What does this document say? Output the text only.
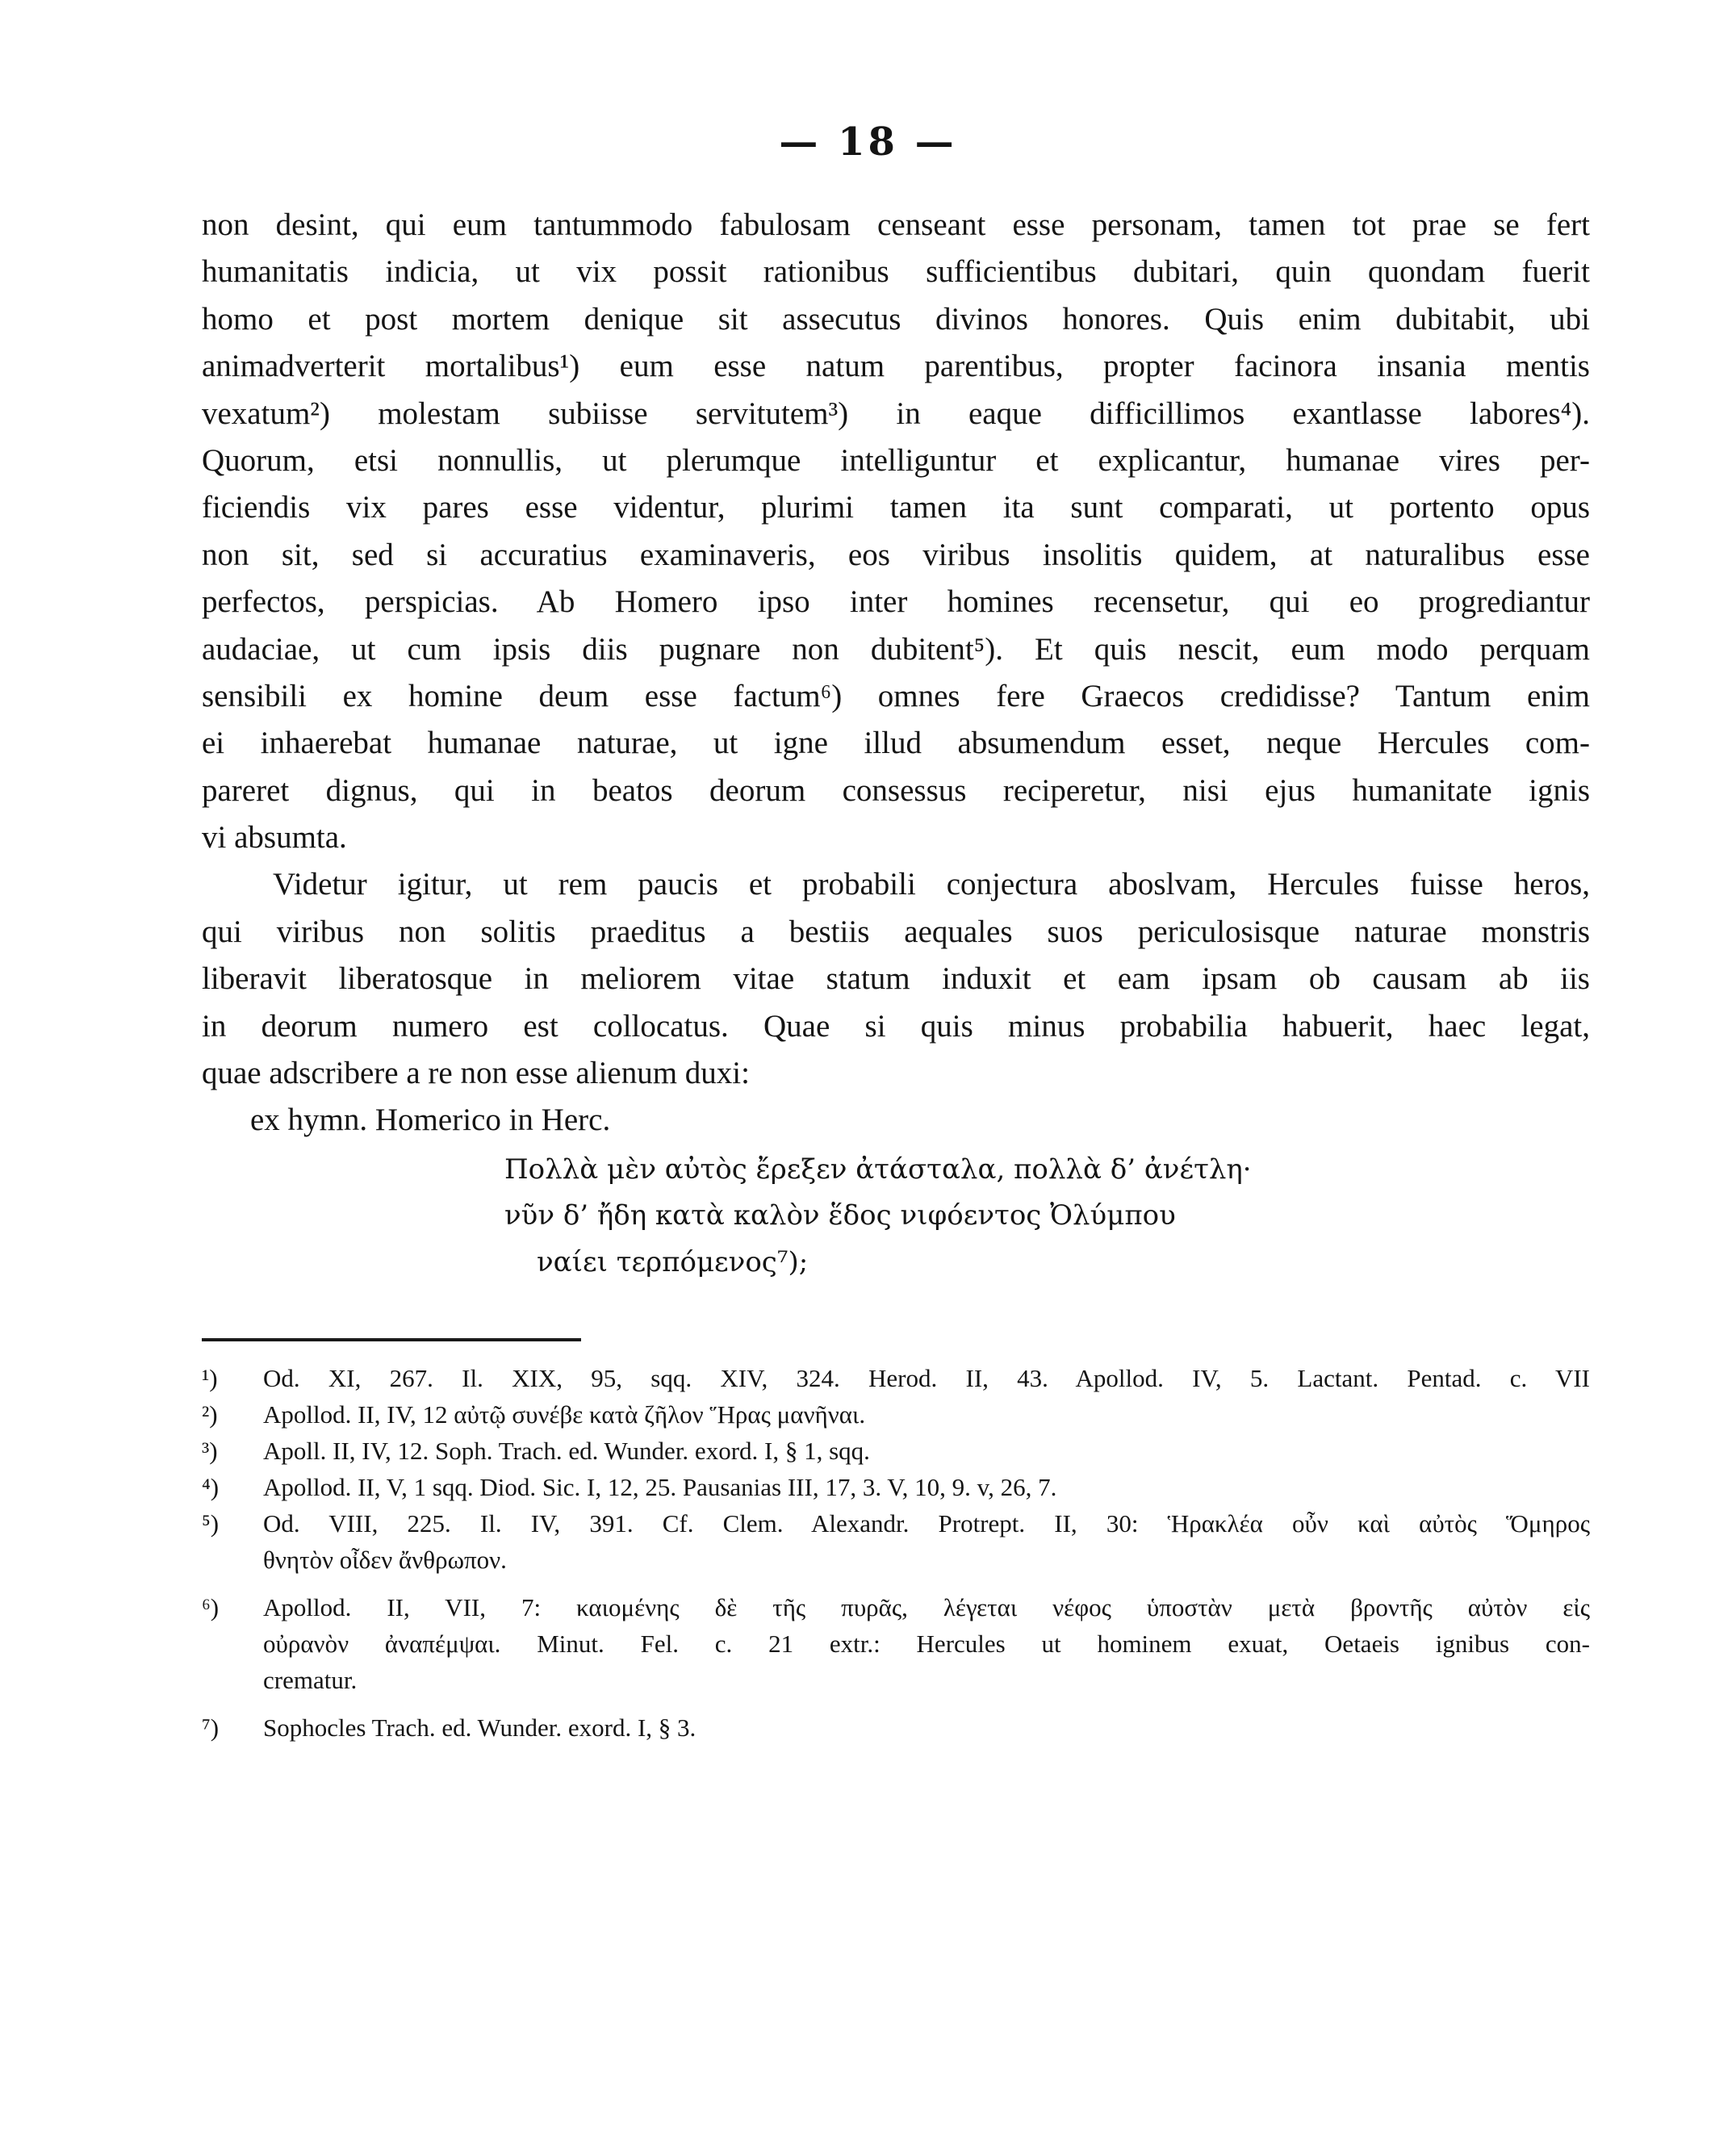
— 18 —
non desint, qui eum tantummodo fabulosam censeant esse personam, tamen tot prae se fert
humanitatis indicia, ut vix possit rationibus sufficientibus dubitari, quin quondam fuerit
homo et post mortem denique sit assecutus divinos honores. Quis enim dubitabit, ubi
animadverterit mortalibus¹) eum esse natum parentibus, propter facinora insania mentis
vexatum²) molestam subiisse servitutem³) in eaque difficillimos exantlasse labores⁴).
Quorum, etsi nonnullis, ut plerumque intelliguntur et explicantur, humanae vires per-
ficiendis vix pares esse videntur, plurimi tamen ita sunt comparati, ut portento opus
non sit, sed si accuratius examinaveris, eos viribus insolitis quidem, at naturalibus esse
perfectos, perspicias. Ab Homero ipso inter homines recensetur, qui eo progrediantur
audaciae, ut cum ipsis diis pugnare non dubitent⁵). Et quis nescit, eum modo perquam
sensibili ex homine deum esse factum⁶) omnes fere Graecos credidisse? Tantum enim
ei inhaerebat humanae naturae, ut igne illud absumendum esset, neque Hercules com-
pareret dignus, qui in beatos deorum consessus reciperetur, nisi ejus humanitate ignis
vi absumta.
Videtur igitur, ut rem paucis et probabili conjectura aboslvam, Hercules fuisse heros,
qui viribus non solitis praeditus a bestiis aequales suos periculosisque naturae monstris
liberavit liberatosque in meliorem vitae statum induxit et eam ipsam ob causam ab iis
in deorum numero est collocatus. Quae si quis minus probabilia habuerit, haec legat,
quae adscribere a re non esse alienum duxi:
ex hymn. Homerico in Herc.
Πολλὰ μὲν αὐτὸς ἔρεξεν ἀτάσταλα, πολλὰ δ’ ἀνέτλη·
νῦν δ’ ἤδη κατὰ καλὸν ἕδος νιφόεντος Ὀλύμπου
ναίει τερπόμενος⁷);
¹)	Od. XI, 267. Il. XIX, 95, sqq. XIV, 324. Herod. II, 43. Apollod. IV, 5. Lactant. Pentad. c. VII
²)	Apollod. II, IV, 12 αὐτῷ συνέβε κατὰ ζῆλον Ἥρας μανῆναι.
³)	Apoll. II, IV, 12. Soph. Trach. ed. Wunder. exord. I, § 1, sqq.
⁴)	Apollod. II, V, 1 sqq. Diod. Sic. I, 12, 25. Pausanias III, 17, 3. V, 10, 9. v, 26, 7.
⁵)	Od. VIII, 225. Il. IV, 391. Cf. Clem. Alexandr. Protrept. II, 30: Ἡρακλέα οὖν καὶ αὐτὸς Ὅμηρος
θνητὸν οἶδεν ἄνθρωπον.
⁶)	Apollod. II, VII, 7: καιομένης δὲ τῆς πυρᾶς, λέγεται νέφος ὑποστὰν μετὰ βροντῆς αὐτὸν εἰς
οὐρανὸν ἀναπέμψαι. Minut. Fel. c. 21 extr.: Hercules ut hominem exuat, Oetaeis ignibus con-
crematur.
⁷)	Sophocles Trach. ed. Wunder. exord. I, § 3.
